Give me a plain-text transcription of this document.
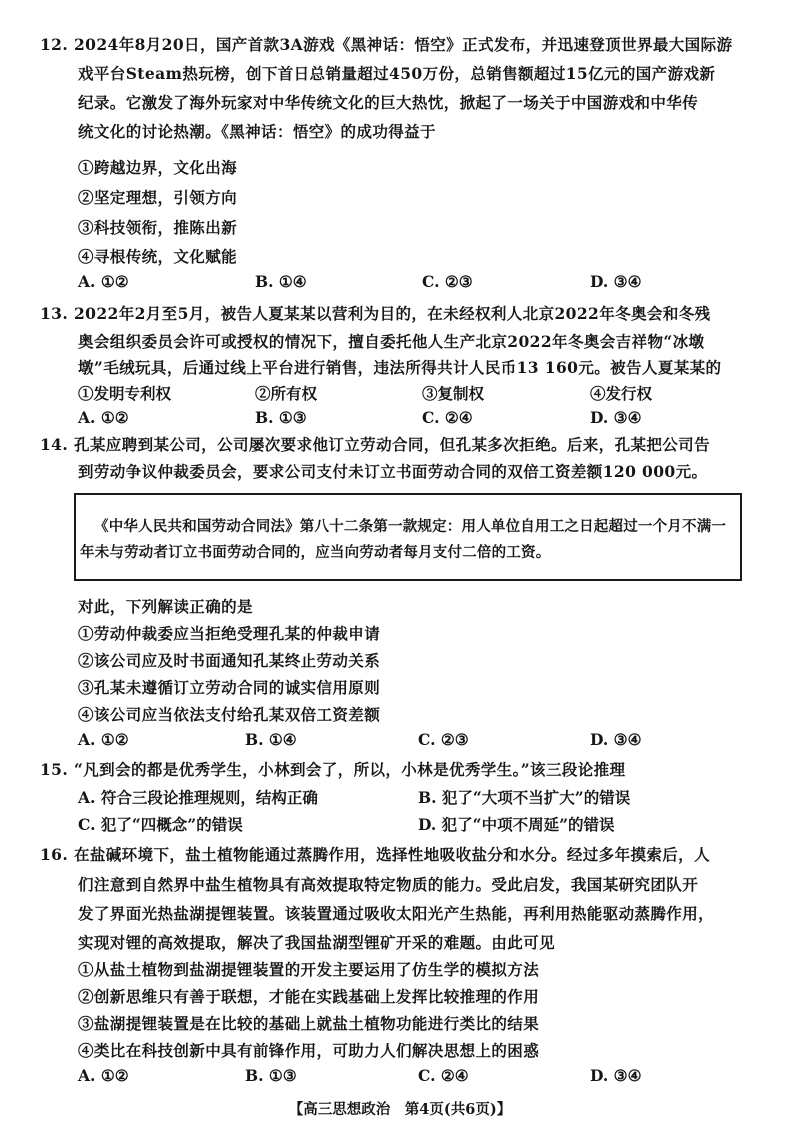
12. 2024年8月20日，国产首款3A游戏《黑神话：悟空》正式发布，并迅速登顶世界最大国际游
戏平台Steam热玩榜，创下首日总销量超过450万份，总销售额超过15亿元的国产游戏新
纪录。它激发了海外玩家对中华传统文化的巨大热忱，掀起了一场关于中国游戏和中华传
统文化的讨论热潮。《黑神话：悟空》的成功得益于
①跨越边界，文化出海
②坚定理想，引领方向
③科技领衔，推陈出新
④寻根传统，文化赋能
A. ①②	B. ①④	C. ②③	D. ③④
13. 2022年2月至5月，被告人夏某某以营利为目的，在未经权利人北京2022年冬奥会和冬残
奥会组织委员会许可或授权的情况下，擅自委托他人生产北京2022年冬奥会吉祥物“冰墩
墩”毛绒玩具，后通过线上平台进行销售，违法所得共计人民币13 160元。被告人夏某某的
①发明专利权	②所有权	③复制权	④发行权
A. ①②	B. ①③	C. ②④	D. ③④
14. 孔某应聘到某公司，公司屡次要求他订立劳动合同，但孔某多次拒绝。后来，孔某把公司告
到劳动争议仲裁委员会，要求公司支付未订立书面劳动合同的双倍工资差额120 000元。
《中华人民共和国劳动合同法》第八十二条第一款规定：用人单位自用工之日起超过一个月不满一
年未与劳动者订立书面劳动合同的，应当向劳动者每月支付二倍的工资。
对此，下列解读正确的是
①劳动仲裁委应当拒绝受理孔某的仲裁申请
②该公司应及时书面通知孔某终止劳动关系
③孔某未遵循订立劳动合同的诚实信用原则
④该公司应当依法支付给孔某双倍工资差额
A. ①②	B. ①④	C. ②③	D. ③④
15. “凡到会的都是优秀学生，小林到会了，所以，小林是优秀学生。”该三段论推理
A. 符合三段论推理规则，结构正确	B. 犯了“大项不当扩大”的错误
C. 犯了“四概念”的错误	D. 犯了“中项不周延”的错误
16. 在盐碱环境下，盐土植物能通过蒸腾作用，选择性地吸收盐分和水分。经过多年摸索后，人
们注意到自然界中盐生植物具有高效提取特定物质的能力。受此启发，我国某研究团队开
发了界面光热盐湖提锂装置。该装置通过吸收太阳光产生热能，再利用热能驱动蒸腾作用，
实现对锂的高效提取，解决了我国盐湖型锂矿开采的难题。由此可见
①从盐土植物到盐湖提锂装置的开发主要运用了仿生学的模拟方法
②创新思维只有善于联想，才能在实践基础上发挥比较推理的作用
③盐湖提锂装置是在比较的基础上就盐土植物功能进行类比的结果
④类比在科技创新中具有前锋作用，可助力人们解决思想上的困惑
A. ①②	B. ①③	C. ②④	D. ③④
【高三思想政治　第4页(共6页)】
